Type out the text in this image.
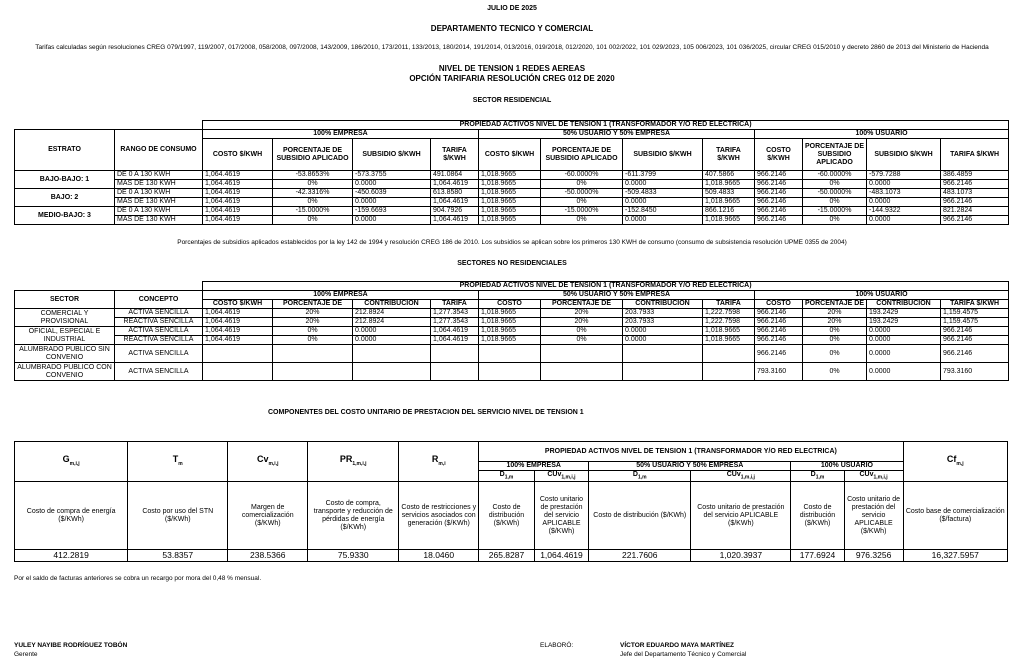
JULIO DE 2025
DEPARTAMENTO TECNICO Y COMERCIAL
Tarifas calculadas según resoluciones CREG 079/1997, 119/2007, 017/2008, 058/2008, 097/2008, 143/2009, 186/2010, 173/2011, 133/2013, 180/2014, 191/2014, 013/2016, 019/2018, 012/2020, 101 002/2022, 101 029/2023, 105 006/2023, 101 036/2025, circular CREG 015/2010 y decreto 2860 de 2013 del Ministerio de Hacienda
NIVEL DE TENSION 1 REDES AEREAS
OPCIÓN TARIFARIA RESOLUCIÓN CREG 012 DE 2020
SECTOR RESIDENCIAL
		PROPIEDAD ACTIVOS NIVEL DE TENSION 1 (TRANSFORMADOR Y/O RED ELECTRICA)											
ESTRATO	RANGO DE CONSUMO	100% EMPRESA				50% USUARIO Y 50% EMPRESA				100% USUARIO			
		COSTO $/KWH	PORCENTAJE DE SUBSIDIO APLICADO	SUBSIDIO $/KWH	TARIFA $/KWH	COSTO $/KWH	PORCENTAJE DE SUBSIDIO APLICADO	SUBSIDIO $/KWH	TARIFA $/KWH	COSTO $/KWH	PORCENTAJE DE SUBSIDIO APLICADO	SUBSIDIO $/KWH	TARIFA $/KWH
BAJO-BAJO: 1	DE 0 A 130 KWH	1,064.4619	-53.8653%	-573.3755	491.0864	1,018.9665	-60.0000%	-611.3799	407.5866	966.2146	-60.0000%	-579.7288	386.4859
	MAS DE 130 KWH	1,064.4619	0%	0.0000	1,064.4619	1,018.9665	0%	0.0000	1,018.9665	966.2146	0%	0.0000	966.2146
BAJO: 2	DE 0 A 130 KWH	1,064.4619	-42.3316%	-450.6039	613.8580	1,018.9665	-50.0000%	-509.4833	509.4833	966.2146	-50.0000%	-483.1073	483.1073
	MAS DE 130 KWH	1,064.4619	0%	0.0000	1,064.4619	1,018.9665	0%	0.0000	1,018.9665	966.2146	0%	0.0000	966.2146
MEDIO-BAJO: 3	DE 0 A 130 KWH	1,064.4619	-15.0000%	-159.6693	904.7926	1,018.9665	-15.0000%	-152.8450	866.1216	966.2146	-15.0000%	-144.9322	821.2824
	MAS DE 130 KWH	1,064.4619	0%	0.0000	1,064.4619	1,018.9665	0%	0.0000	1,018.9665	966.2146	0%	0.0000	966.2146
Porcentajes de subsidios aplicados establecidos por la ley 142 de 1994 y resolución CREG 186 de 2010. Los subsidios se aplican sobre los primeros 130 KWH de consumo (consumo de subsistencia resolución UPME 0355 de 2004)
SECTORES NO RESIDENCIALES
		PROPIEDAD ACTIVOS NIVEL DE TENSION 1 (TRANSFORMADOR Y/O RED ELECTRICA)											
SECTOR	CONCEPTO	100% EMPRESA				50% USUARIO Y 50% EMPRESA				100% USUARIO			
		COSTO $/KWH	PORCENTAJE DE	CONTRIBUCION	TARIFA	COSTO	PORCENTAJE DE	CONTRIBUCION	TARIFA	COSTO	PORCENTAJE DE	CONTRIBUCION	TARIFA $/KWH
COMERCIAL Y PROVISIONAL	ACTIVA SENCILLA	1,064.4619	20%	212.8924	1,277.3543	1,018.9665	20%	203.7933	1,222.7598	966.2146	20%	193.2429	1,159.4575
	REACTIVA SENCILLA	1,064.4619	20%	212.8924	1,277.3543	1,018.9665	20%	203.7933	1,222.7598	966.2146	20%	193.2429	1,159.4575
OFICIAL, ESPECIAL E INDUSTRIAL	ACTIVA SENCILLA	1,064.4619	0%	0.0000	1,064.4619	1,018.9665	0%	0.0000	1,018.9665	966.2146	0%	0.0000	966.2146
	REACTIVA SENCILLA	1,064.4619	0%	0.0000	1,064.4619	1,018.9665	0%	0.0000	1,018.9665	966.2146	0%	0.0000	966.2146
ALUMBRADO PUBLICO SIN CONVENIO	ACTIVA SENCILLA									966.2146	0%	0.0000	966.2146
ALUMBRADO PUBLICO CON CONVENIO	ACTIVA SENCILLA									793.3160	0%	0.0000	793.3160
COMPONENTES DEL COSTO UNITARIO DE PRESTACION DEL SERVICIO NIVEL DE TENSION 1
$G_{m,i,j}$	$T_m$	$Cv_{m,i,j}$	$PR_{1,m,i,j}$	$R_{m,i}$	PROPIEDAD ACTIVOS NIVEL DE TENSION 1 (TRANSFORMADOR Y/O RED ELECTRICA)						$Cf_{m,j}$
					100% EMPRESA		50% USUARIO Y 50% EMPRESA		100% USUARIO		
					$D_{1,m}$	CUv$_{1,m,i,j}$	$D_{1,m}$	CUv$_{1,m,i,j}$	$D_{1,m}$	CUv$_{1,m,i,j}$
Costo de compra de energía ($/KWh)	Costo por uso del STN ($/KWh)	Margen de comercialización ($/KWh)	Costo de compra, transporte y reducción de pérdidas de energía ($/KWh)	Costo de restricciones y servicios asociados con generación ($/KWh)	Costo de distribución ($/KWh)	Costo unitario de prestación del servicio APLICABLE ($/KWh)	Costo de distribución ($/KWh)	Costo unitario de prestación del servicio APLICABLE ($/KWh)	Costo de distribución ($/KWh)	Costo unitario de prestación del servicio APLICABLE ($/KWh)	Costo base de comercialización ($/factura)
412.2819	53.8357	238.5366	75.9330	18.0460	265.8287	1,064.4619	221.7606	1,020.3937	177.6924	976.3256	16,327.5957
Por el saldo de facturas anteriores se cobra un recargo por mora del 0,48 % mensual.
YULEY NAYIBE RODRÍGUEZ TOBÓN
Gerente
ELABORÓ:	VÍCTOR EDUARDO MAYA MARTÍNEZ
Jefe del Departamento Técnico y Comercial
